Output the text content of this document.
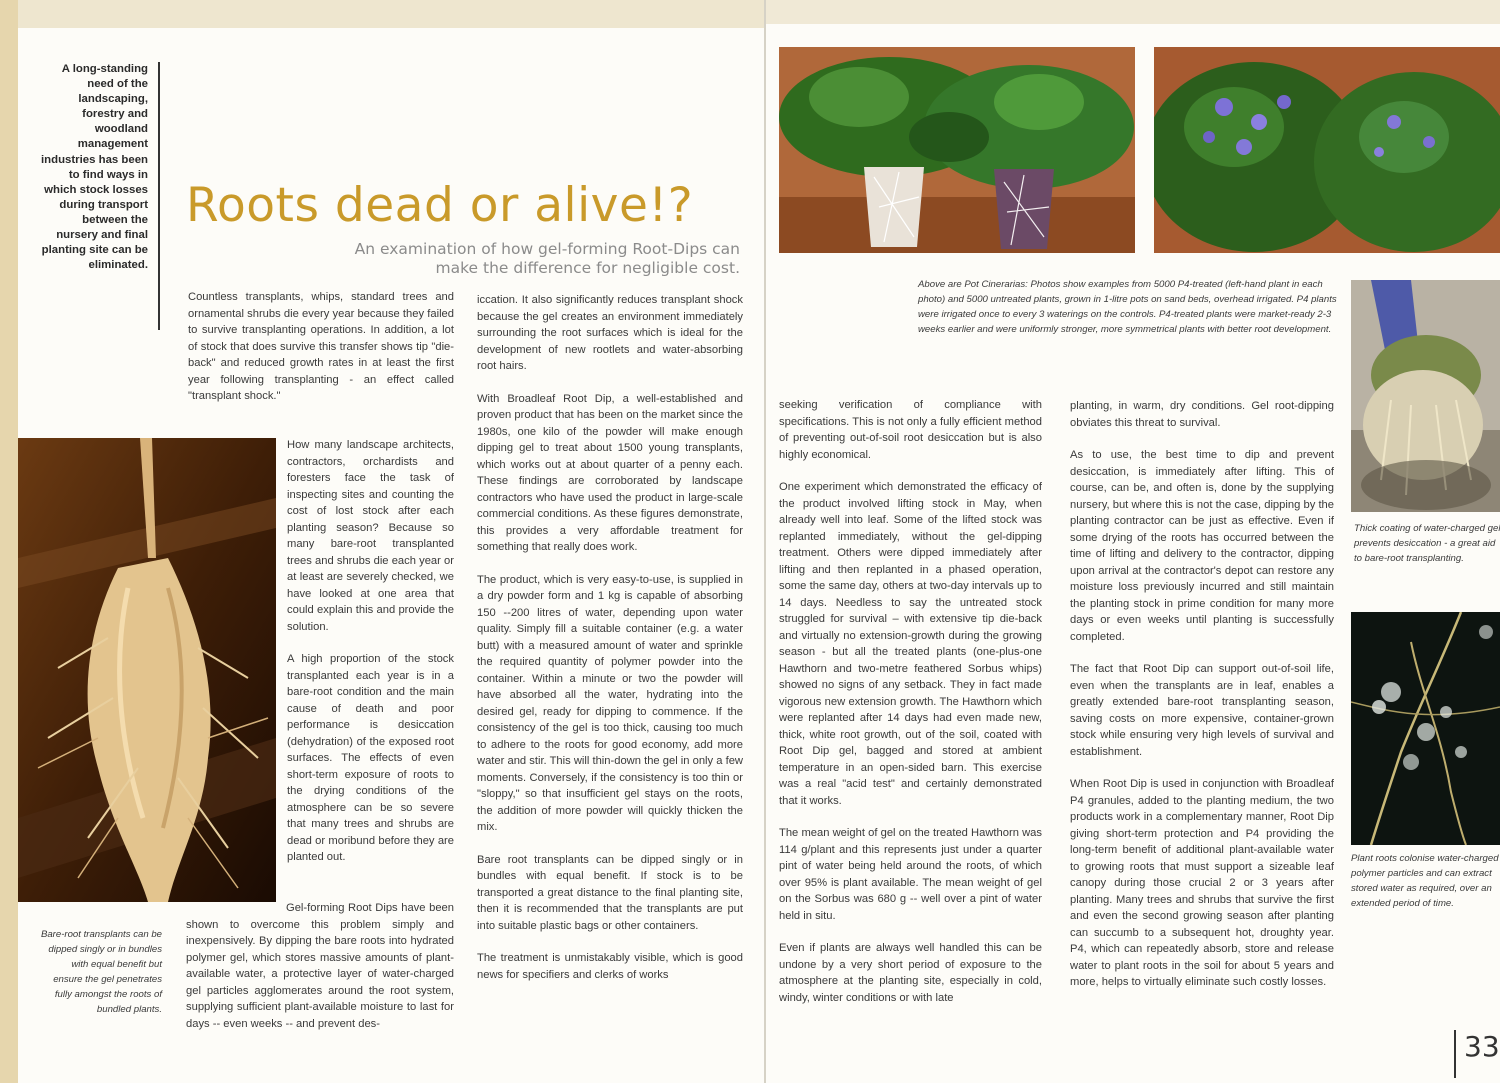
A long-standing need of the landscaping, forestry and woodland management industries has been to find ways in which stock losses during transport between the nursery and final planting site can be eliminated.
Roots dead or alive!?
An examination of how gel-forming Root-Dips can make the difference for negligible cost.

Countless transplants, whips, standard trees and ornamental shrubs die every year because they failed to survive transplanting operations. In addition, a lot of stock that does survive this transfer shows tip "die-back" and reduced growth rates in at least the first year following transplanting - an effect called "transplant shock."

Bare-root transplants can be dipped singly or in bundles with equal benefit but ensure the gel penetrates fully amongst the roots of bundled plants.

How many landscape architects, contractors, orchardists and foresters face the task of inspecting sites and counting the cost of lost stock after each planting season? Because so many bare-root transplanted trees and shrubs die each year or at least are severely checked, we have looked at one area that could explain this and provide the solution.

A high proportion of the stock transplanted each year is in a bare-root condition and the main cause of death and poor performance is desiccation (dehydration) of the exposed root surfaces. The effects of even short-term exposure of roots to the drying conditions of the atmosphere can be so severe that many trees and shrubs are dead or moribund before they are planted out.

Gel-forming Root Dips have been shown to overcome this problem simply and inexpensively. By dipping the bare roots into hydrated polymer gel, which stores massive amounts of plant-available water, a protective layer of water-charged gel particles agglomerates around the root system, supplying sufficient plant-available moisture to last for days -- even weeks -- and prevent des-

iccation. It also significantly reduces transplant shock because the gel creates an environment immediately surrounding the root surfaces which is ideal for the development of new rootlets and water-absorbing root hairs.

With Broadleaf Root Dip, a well-established and proven product that has been on the market since the 1980s, one kilo of the powder will make enough dipping gel to treat about 1500 young transplants, which works out at about quarter of a penny each. These findings are corroborated by landscape contractors who have used the product in large-scale commercial conditions. As these figures demonstrate, this provides a very affordable treatment for something that really does work.

The product, which is very easy-to-use, is supplied in a dry powder form and 1 kg is capable of absorbing 150 --200 litres of water, depending upon water quality. Simply fill a suitable container (e.g. a water butt) with a measured amount of water and sprinkle the required quantity of polymer powder into the container. Within a minute or two the powder will have absorbed all the water, hydrating into the desired gel, ready for dipping to commence. If the consistency of the gel is too thick, causing too much to adhere to the roots for good economy, add more water and stir. This will thin-down the gel in only a few moments. Conversely, if the consistency is too thin or "sloppy," so that insufficient gel stays on the roots, the addition of more powder will quickly thicken the mix.

Bare root transplants can be dipped singly or in bundles with equal benefit. If stock is to be transported a great distance to the final planting site, then it is recommended that the transplants are put into suitable plastic bags or other containers.

The treatment is unmistakably visible, which is good news for specifiers and clerks of works

Above are Pot Cinerarias: Photos show examples from 5000 P4-treated (left-hand plant in each photo) and 5000 untreated plants, grown in 1-litre pots on sand beds, overhead irrigated. P4 plants were irrigated once to every 3 waterings on the controls. P4-treated plants were market-ready 2-3 weeks earlier and were uniformly stronger, more symmetrical plants with better root development.
Thick coating of water-charged gel prevents desiccation - a great aid to bare-root transplanting.
Plant roots colonise water-charged polymer particles and can extract stored water as required, over an extended period of time.

seeking verification of compliance with specifications. This is not only a fully efficient method of preventing out-of-soil root desiccation but is also highly economical.

One experiment which demonstrated the efficacy of the product involved lifting stock in May, when already well into leaf. Some of the lifted stock was replanted immediately, without the gel-dipping treatment. Others were dipped immediately after lifting and then replanted in a phased operation, some the same day, others at two-day intervals up to 14 days. Needless to say the untreated stock struggled for survival – with extensive tip die-back and virtually no extension-growth during the growing season - but all the treated plants (one-plus-one Hawthorn and two-metre feathered Sorbus whips) showed no signs of any setback. They in fact made vigorous new extension growth. The Hawthorn which were replanted after 14 days had even made new, thick, white root growth, out of the soil, coated with Root Dip gel, bagged and stored at ambient temperature in an open-sided barn. This exercise was a real "acid test" and certainly demonstrated that it works.

The mean weight of gel on the treated Hawthorn was 114 g/plant and this represents just under a quarter pint of water being held around the roots, of which over 95% is plant available. The mean weight of gel on the Sorbus was 680 g -- well over a pint of water held in situ.

Even if plants are always well handled this can be undone by a very short period of exposure to the atmosphere at the planting site, especially in cold, windy, winter conditions or with late

planting, in warm, dry conditions. Gel root-dipping obviates this threat to survival.

As to use, the best time to dip and prevent desiccation, is immediately after lifting. This of course, can be, and often is, done by the supplying nursery, but where this is not the case, dipping by the planting contractor can be just as effective. Even if some drying of the roots has occurred between the time of lifting and delivery to the contractor, dipping upon arrival at the contractor's depot can restore any moisture loss previously incurred and still maintain the planting stock in prime condition for many more days or even weeks until planting is successfully completed.

The fact that Root Dip can support out-of-soil life, even when the transplants are in leaf, enables a greatly extended bare-root transplanting season, saving costs on more expensive, container-grown stock while ensuring very high levels of survival and establishment.

When Root Dip is used in conjunction with Broadleaf P4 granules, added to the planting medium, the two products work in a complementary manner, Root Dip giving short-term protection and P4 providing the long-term benefit of additional plant-available water to growing roots that must support a sizeable leaf canopy during those crucial 2 or 3 years after planting. Many trees and shrubs that survive the first and even the second growing season after planting can succumb to a subsequent hot, droughty year. P4, which can repeatedly absorb, store and release water to plant roots in the soil for about 5 years and more, helps to virtually eliminate such costly losses.

33
